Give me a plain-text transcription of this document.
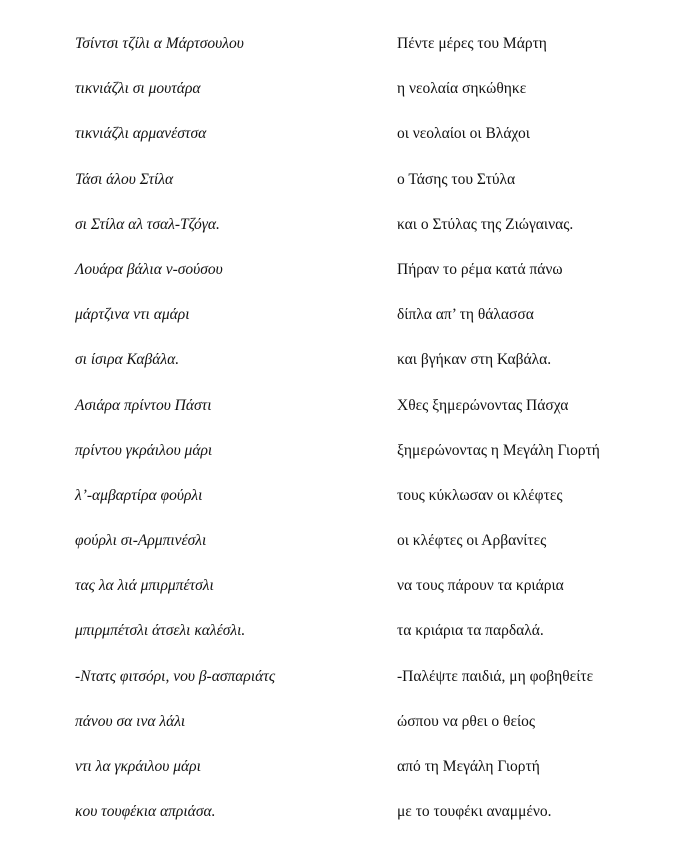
Τσίντσι τζίλι α Μάρτσουλου	Πέντε μέρες του Μάρτη
τικνιάζλι σι μουτάρα	η νεολαία σηκώθηκε
τικνιάζλι αρμανέστσα	οι νεολαίοι οι Βλάχοι
Τάσι άλου Στίλα	ο Τάσης του Στύλα
σι Στίλα αλ τσαλ-Τζόγα.	και ο Στύλας της Ζιώγαινας.
Λουάρα βάλια ν-σούσου	Πήραν το ρέμα κατά πάνω
μάρτζινα ντι αμάρι	δίπλα απ’ τη θάλασσα
σι ίσιρα Καβάλα.	και βγήκαν στη Καβάλα.
Ασιάρα πρίντου Πάστι	Χθες ξημερώνοντας Πάσχα
πρίντου γκράιλου μάρι	ξημερώνοντας η Μεγάλη Γιορτή
λ’-αμβαρτίρα φούρλι	τους κύκλωσαν οι κλέφτες
φούρλι σι-Αρμπινέσλι	οι κλέφτες οι Αρβανίτες
τας λα λιά μπιρμπέτσλι	να τους πάρουν τα κριάρια
μπιρμπέτσλι άτσελι καλέσλι.	τα κριάρια τα παρδαλά.
-Ντατς φιτσόρι, νου β-ασπαριάτς	-Παλέψτε παιδιά, μη φοβηθείτε
πάνου σα ινα λάλι	ώσπου να ρθει ο θείος
ντι λα γκράιλου μάρι	από τη Μεγάλη Γιορτή
κου τουφέκια απριάσα.	με το τουφέκι αναμμένο.
